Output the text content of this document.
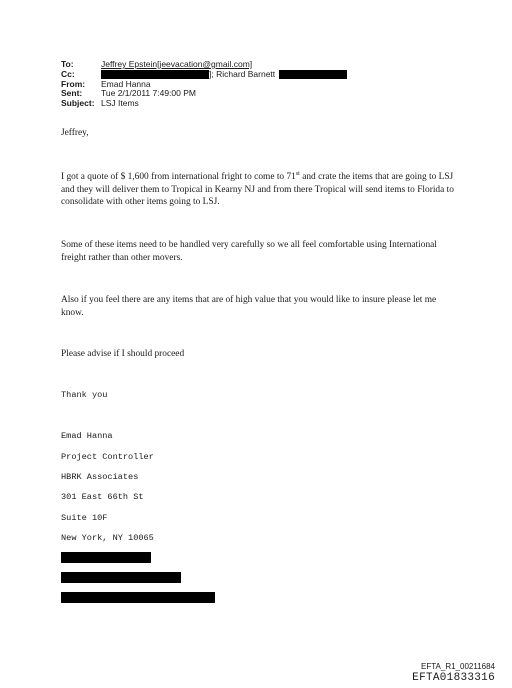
To:	Jeffrey Epstein[jeevacation@gmail.com]
Cc:	]; Richard Barnett
From:	Emad Hanna
Sent:	Tue 2/1/2011 7:49:00 PM
Subject: LSJ Items
Jeffrey,
I got a quote of $ 1,600 from international fright to come to 71st and crate the items that are going to LSJ and they will deliver them to Tropical in Kearny NJ and from there Tropical will send items to Florida to consolidate with other items going to LSJ.
Some of these items need to be handled very carefully so we all feel comfortable using International freight rather than other movers.
Also if you feel there are any items that are of high value that you would like to insure please let me know.
Please advise if I should proceed
Thank you
Emad Hanna
Project Controller
HBRK Associates
301 East 66th St
Suite 10F
New York, NY 10065
EFTA_R1_00211684
EFTA01833316
